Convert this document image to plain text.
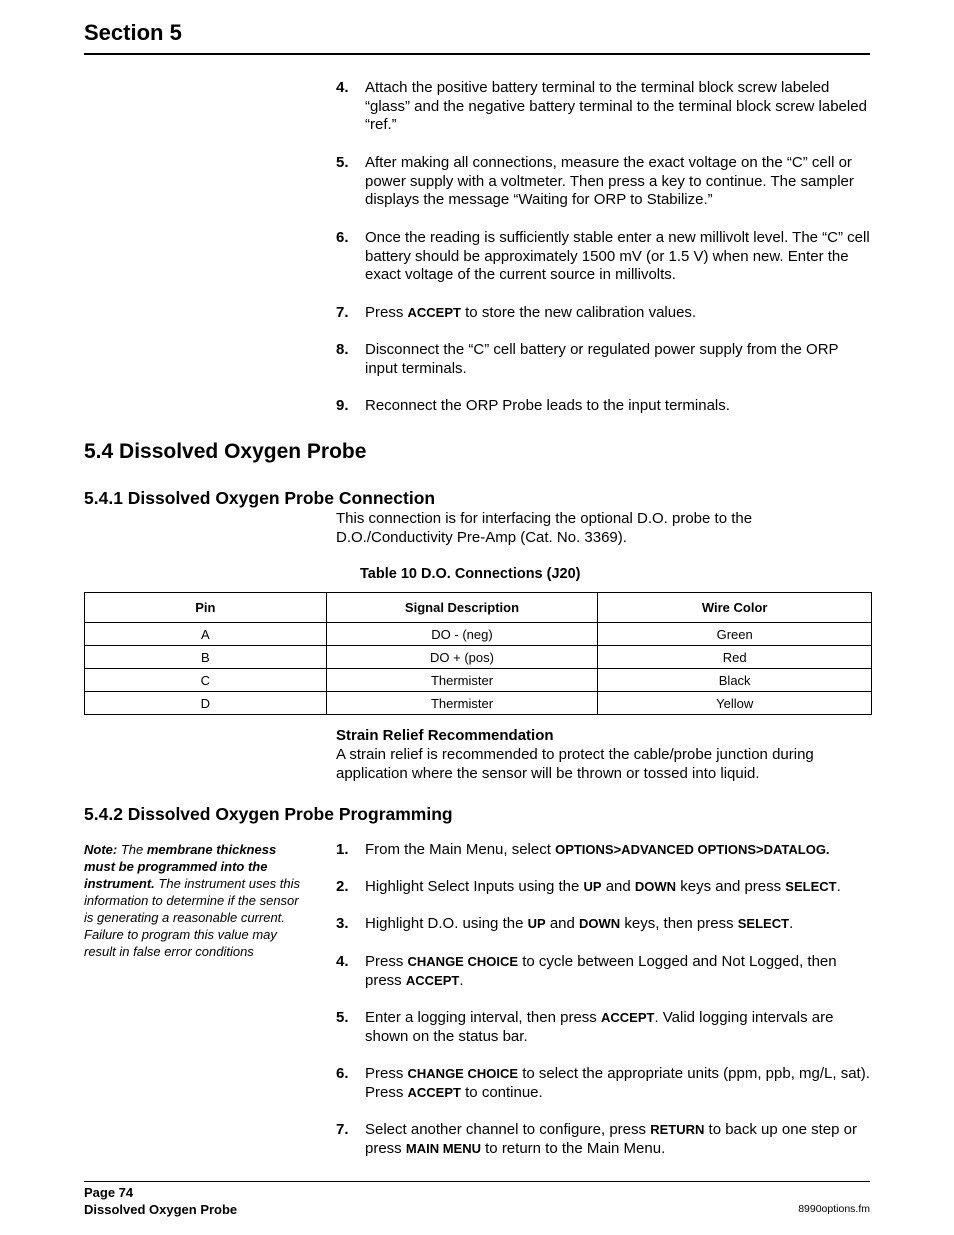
Section 5
4. Attach the positive battery terminal to the terminal block screw labeled “glass” and the negative battery terminal to the terminal block screw labeled “ref.”
5. After making all connections, measure the exact voltage on the “C” cell or power supply with a voltmeter. Then press a key to continue. The sampler displays the message “Waiting for ORP to Stabilize.”
6. Once the reading is sufficiently stable enter a new millivolt level. The “C” cell battery should be approximately 1500 mV (or 1.5 V) when new. Enter the exact voltage of the current source in millivolts.
7. Press ACCEPT to store the new calibration values.
8. Disconnect the “C” cell battery or regulated power supply from the ORP input terminals.
9. Reconnect the ORP Probe leads to the input terminals.
5.4 Dissolved Oxygen Probe
5.4.1 Dissolved Oxygen Probe Connection
This connection is for interfacing the optional D.O. probe to the D.O./Conductivity Pre-Amp (Cat. No. 3369).
Table 10 D.O. Connections (J20)
Pin	Signal Description	Wire Color
A	DO - (neg)	Green
B	DO + (pos)	Red
C	Thermister	Black
D	Thermister	Yellow
Strain Relief Recommendation
A strain relief is recommended to protect the cable/probe junction during application where the sensor will be thrown or tossed into liquid.
5.4.2 Dissolved Oxygen Probe Programming
Note: The membrane thickness must be programmed into the instrument. The instrument uses this information to determine if the sensor is generating a reasonable current. Failure to program this value may result in false error conditions
1. From the Main Menu, select OPTIONS>ADVANCED OPTIONS>DATALOG.
2. Highlight Select Inputs using the UP and DOWN keys and press SELECT.
3. Highlight D.O. using the UP and DOWN keys, then press SELECT.
4. Press CHANGE CHOICE to cycle between Logged and Not Logged, then press ACCEPT.
5. Enter a logging interval, then press ACCEPT. Valid logging intervals are shown on the status bar.
6. Press CHANGE CHOICE to select the appropriate units (ppm, ppb, mg/L, sat). Press ACCEPT to continue.
7. Select another channel to configure, press RETURN to back up one step or press MAIN MENU to return to the Main Menu.
Page 74
Dissolved Oxygen Probe	8990options.fm
